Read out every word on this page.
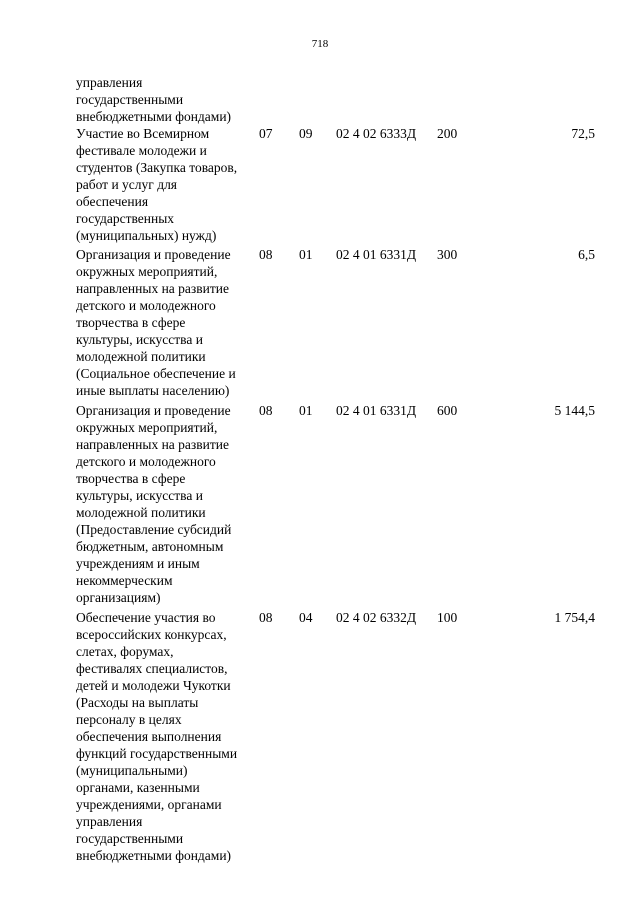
718
управления
государственными
внебюджетными фондами)
Участие во Всемирном
фестивале молодежи и
студентов (Закупка товаров,
работ и услуг для
обеспечения
государственных
(муниципальных) нужд)
07 09 02 4 02 6333Д 200	72,5
Организация и проведение
окружных мероприятий,
направленных на развитие
детского и молодежного
творчества в сфере
культуры, искусства и
молодежной политики
(Социальное обеспечение и
иные выплаты населению)
08 01 02 4 01 6331Д 300	6,5
Организация и проведение
окружных мероприятий,
направленных на развитие
детского и молодежного
творчества в сфере
культуры, искусства и
молодежной политики
(Предоставление субсидий
бюджетным, автономным
учреждениям и иным
некоммерческим
организациям)
08 01 02 4 01 6331Д 600	5 144,5
Обеспечение участия во
всероссийских конкурсах,
слетах, форумах,
фестивалях специалистов,
детей и молодежи Чукотки
(Расходы на выплаты
персоналу в целях
обеспечения выполнения
функций государственными
(муниципальными)
органами, казенными
учреждениями, органами
управления
государственными
внебюджетными фондами)
08 04 02 4 02 6332Д 100	1 754,4
